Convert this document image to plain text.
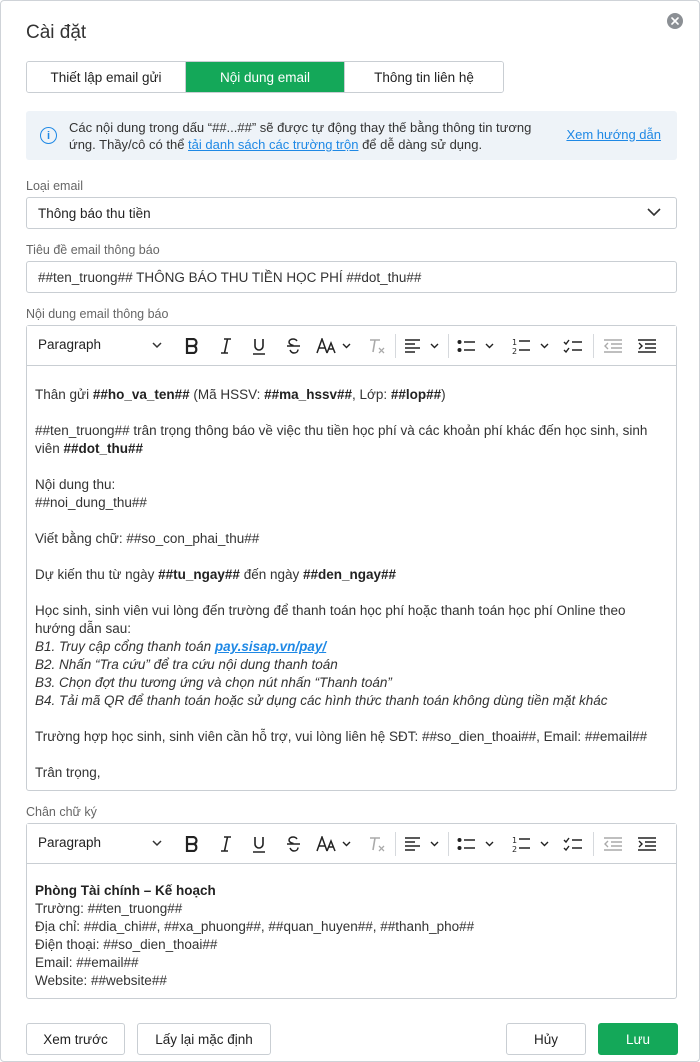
Cài đặt
Thiết lập email gửi	Nội dung email	Thông tin liên hệ
i
Các nội dung trong dấu “##...##” sẽ được tự động thay thế bằng thông tin tương ứng. Thầy/cô có thể tải danh sách các trường trộn để dễ dàng sử dụng.
Xem hướng dẫn
Loại email
Thông báo thu tiền
Tiêu đề email thông báo
##ten_truong## THÔNG BÁO THU TIỀN HỌC PHÍ ##dot_thu##
Nội dung email thông báo
Paragraph	1
2
Thân gửi ##ho_va_ten## (Mã HSSV: ##ma_hssv##, Lớp: ##lop##)
##ten_truong## trân trọng thông báo về việc thu tiền học phí và các khoản phí khác đến học sinh, sinh viên ##dot_thu##
Nội dung thu:
##noi_dung_thu##
Viết bằng chữ: ##so_con_phai_thu##
Dự kiến thu từ ngày ##tu_ngay## đến ngày ##den_ngay##
Học sinh, sinh viên vui lòng đến trường để thanh toán học phí hoặc thanh toán học phí Online theo hướng dẫn sau:
B1. Truy cập cổng thanh toán pay.sisap.vn/pay/
B2. Nhấn “Tra cứu” để tra cứu nội dung thanh toán
B3. Chọn đợt thu tương ứng và chọn nút nhấn “Thanh toán”
B4. Tải mã QR để thanh toán hoặc sử dụng các hình thức thanh toán không dùng tiền mặt khác
Trường hợp học sinh, sinh viên cần hỗ trợ, vui lòng liên hệ SĐT: ##so_dien_thoai##, Email: ##email##
Trân trọng,
Chân chữ ký
Paragraph	1
2
Phòng Tài chính – Kế hoạch
Trường: ##ten_truong##
Địa chỉ: ##dia_chi##, ##xa_phuong##, ##quan_huyen##, ##thanh_pho##
Điện thoại: ##so_dien_thoai##
Email: ##email##
Website: ##website##
Xem trước	Lấy lại mặc định	Hủy	Lưu
